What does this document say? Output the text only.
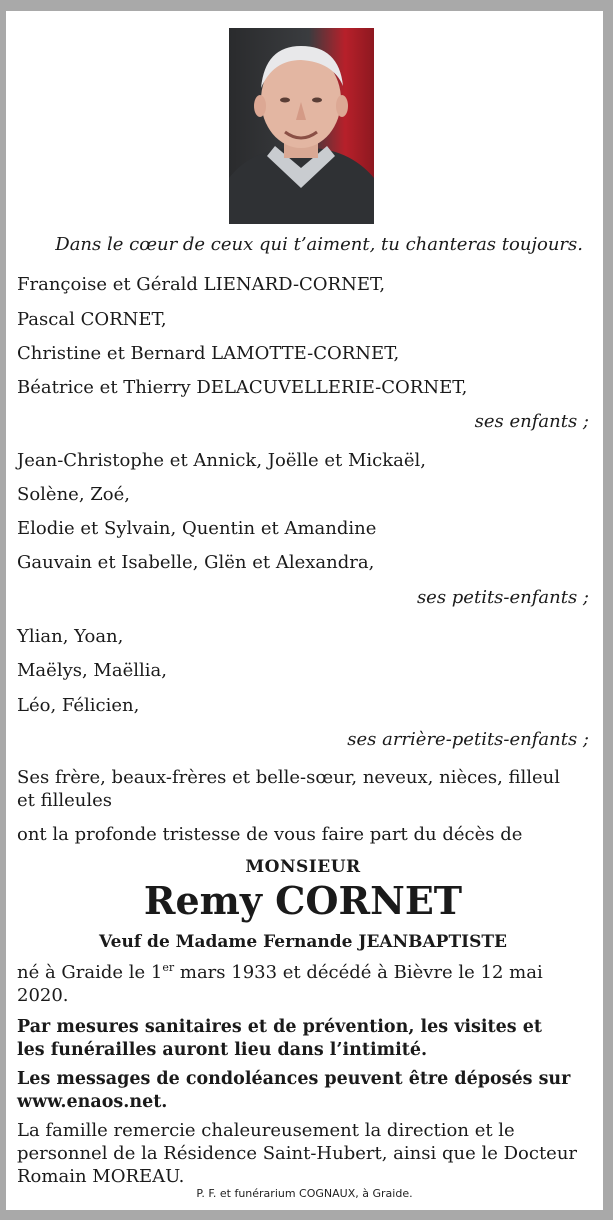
Dans le cœur de ceux qui t’aiment, tu chanteras toujours.
Françoise et Gérald LIENARD-CORNET,
Pascal CORNET,
Christine et Bernard LAMOTTE-CORNET,
Béatrice et Thierry DELACUVELLERIE-CORNET,
ses enfants ;
Jean-Christophe et Annick, Joëlle et Mickaël,
Solène, Zoé,
Elodie et Sylvain, Quentin et Amandine
Gauvain et Isabelle, Glën et Alexandra,
ses petits-enfants ;
Ylian, Yoan,
Maëlys, Maëllia,
Léo, Félicien,
ses arrière-petits-enfants ;
Ses frère, beaux-frères et belle-sœur, neveux, nièces, filleul et filleules
ont la profonde tristesse de vous faire part du décès de
MONSIEUR
Remy CORNET
Veuf de Madame Fernande JEANBAPTISTE
né à Graide le 1er mars 1933 et décédé à Bièvre le 12 mai 2020.
Par mesures sanitaires et de prévention, les visites et les funérailles auront lieu dans l’intimité.
Les messages de condoléances peuvent être déposés sur www.enaos.net.
La famille remercie chaleureusement la direction et le personnel de la Résidence Saint-Hubert, ainsi que le Docteur Romain MOREAU.
P. F. et funérarium COGNAUX, à Graide.
